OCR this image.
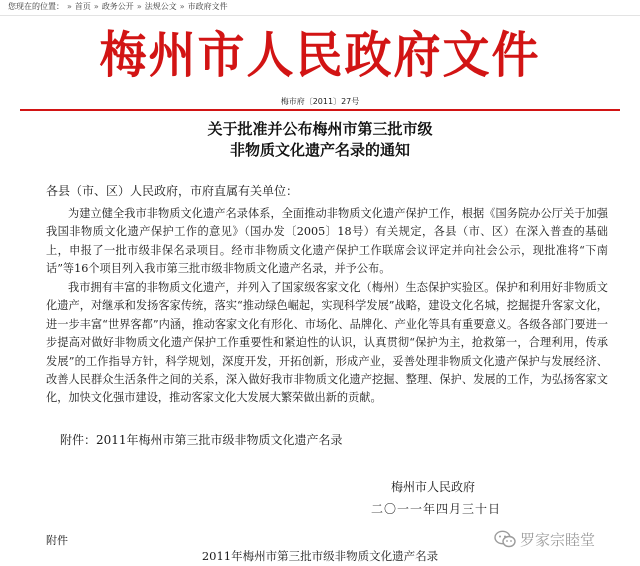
您现在的位置： » 首页 » 政务公开 » 法规公文 » 市政府文件
梅州市人民政府文件
梅市府〔2011〕27号
关于批准并公布梅州市第三批市级
非物质文化遗产名录的通知
各县（市、区）人民政府，市府直属有关单位：
为建立健全我市非物质文化遗产名录体系，全面推动非物质文化遗产保护工作，根据《国务院办公厅关于加强我国非物质文化遗产保护工作的意见》（国办发〔2005〕18号）有关规定，各县（市、区）在深入普查的基础上，申报了一批市级非保名录项目。经市非物质文化遗产保护工作联席会议评定并向社会公示，现批准将“下南话”等16个项目列入我市第三批市级非物质文化遗产名录，并予公布。
我市拥有丰富的非物质文化遗产，并列入了国家级客家文化（梅州）生态保护实验区。保护和利用好非物质文化遗产，对继承和发扬客家传统，落实“推动绿色崛起，实现科学发展”战略，建设文化名城，挖掘提升客家文化，进一步丰富“世界客都”内涵，推动客家文化有形化、市场化、品牌化、产业化等具有重要意义。各级各部门要进一步提高对做好非物质文化遗产保护工作重要性和紧迫性的认识，认真贯彻“保护为主，抢救第一，合理利用，传承发展”的工作指导方针，科学规划，深度开发，开拓创新，形成产业，妥善处理非物质文化遗产保护与发展经济、改善人民群众生活条件之间的关系，深入做好我市非物质文化遗产挖掘、整理、保护、发展的工作，为弘扬客家文化，加快文化强市建设，推动客家文化大发展大繁荣做出新的贡献。
附件：2011年梅州市第三批市级非物质文化遗产名录
梅州市人民政府
二〇一一年四月三十日
附件
2011年梅州市第三批市级非物质文化遗产名录
罗家宗睦堂
